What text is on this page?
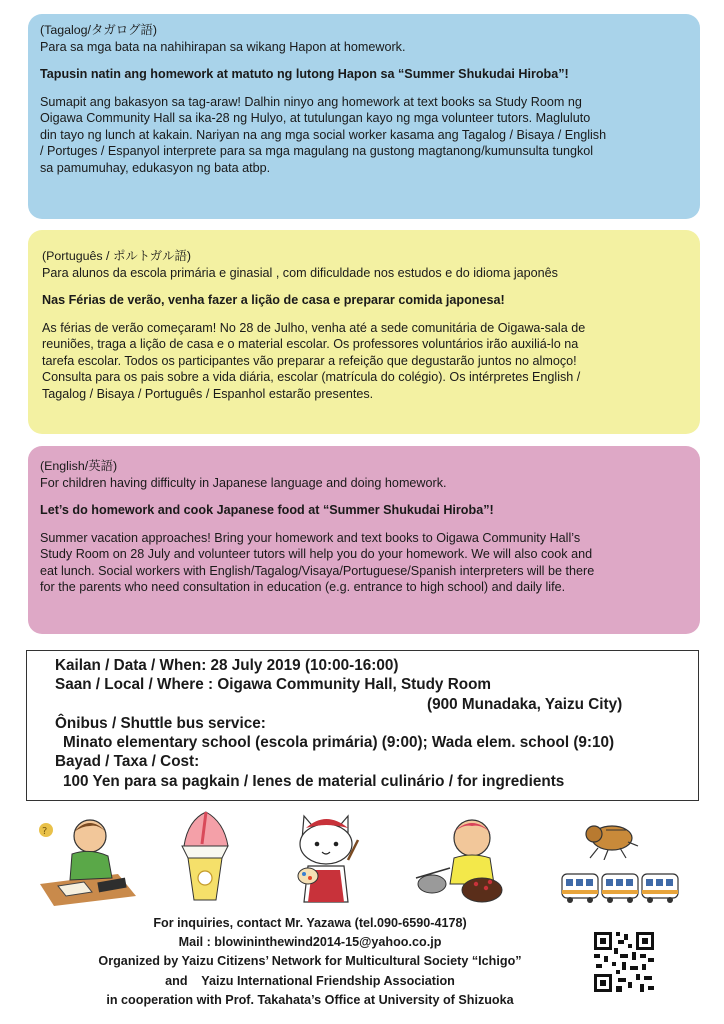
(Tagalog/タガログ語)

Para sa mga bata na nahihirapan sa wikang Hapon at homework.

Tapusin natin ang homework at matuto ng lutong Hapon sa “Summer Shukudai Hiroba”!

Sumapit ang bakasyon sa tag-araw! Dalhin ninyo ang homework at text books sa Study Room ng

Oigawa Community Hall sa ika-28 ng Hulyo, at tutulungan kayo ng mga volunteer tutors. Magluluto

din tayo ng lunch at kakain. Nariyan na ang mga social worker kasama ang Tagalog / Bisaya / English

/ Portuges / Espanyol interprete para sa mga magulang na gustong magtanong/kumunsulta tungkol

sa pamumuhay, edukasyon ng bata atbp.

(Português / ポルトガル語)

Para alunos da escola primária e ginasial , com dificuldade nos estudos e do idioma japonês

Nas Férias de verão, venha fazer a lição de casa e preparar comida japonesa!

As férias de verão começaram! No 28 de Julho, venha até a sede comunitária de Oigawa-sala de

reuniões, traga a lição de casa e o material escolar. Os professores voluntários irão auxiliá-lo na

tarefa escolar. Todos os participantes vão preparar a refeição que degustarão juntos no almoço!

Consulta para os pais sobre a vida diária, escolar (matrícula do colégio). Os intérpretes English /

Tagalog / Bisaya / Português / Espanhol estarão presentes.

(English/英語)

For children having difficulty in Japanese language and doing homework.

Let’s do homework and cook Japanese food at “Summer Shukudai Hiroba”!

Summer vacation approaches! Bring your homework and text books to Oigawa Community Hall’s

Study Room on 28 July and volunteer tutors will help you do your homework. We will also cook and

eat lunch. Social workers with English/Tagalog/Visaya/Portuguese/Spanish interpreters will be there

for the parents who need consultation in education (e.g. entrance to high school) and daily life.

Kailan / Data / When: 28 July 2019 (10:00-16:00)
Saan / Local / Where : Oigawa Community Hall, Study Room
(900 Munadaka, Yaizu City)
Ônibus / Shuttle bus service:
Minato elementary school (escola primária) (9:00); Wada elem. school (9:10)
Bayad / Taxa / Cost:
100 Yen para sa pagkain / Ienes de material culinário / for ingredients
?
For inquiries, contact Mr. Yazawa (tel.090-6590-4178)
Mail : blowininthewind2014-15@yahoo.co.jp
Organized by Yaizu Citizens’ Network for Multicultural Society “Ichigo”
and    Yaizu International Friendship Association
in cooperation with Prof. Takahata’s Office at University of Shizuoka
